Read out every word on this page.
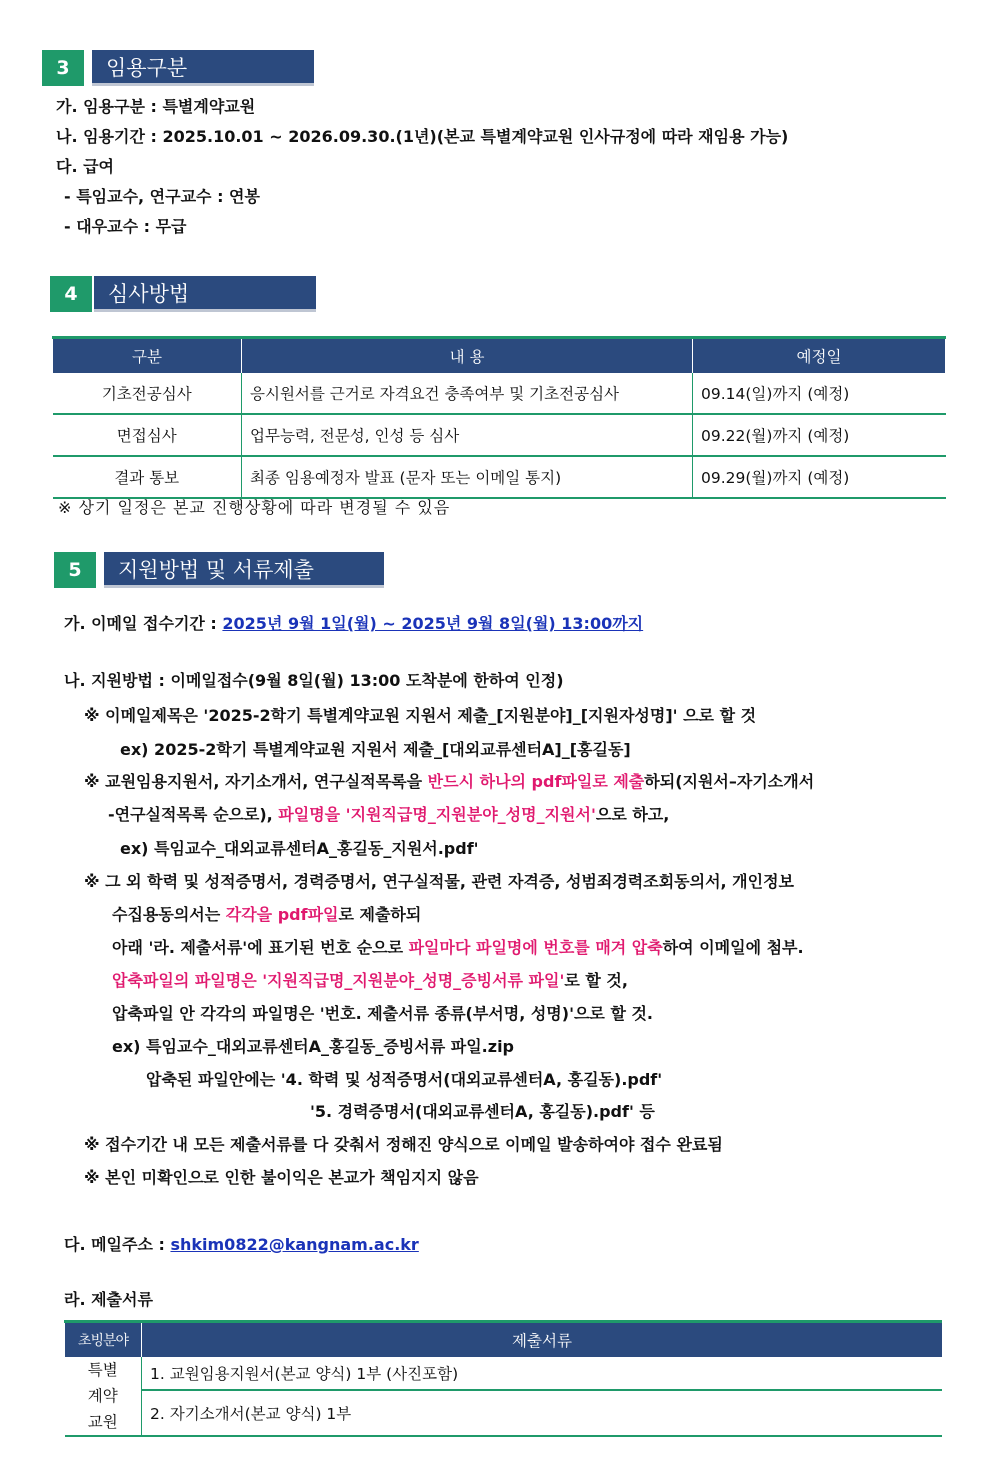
3	임용구분
가. 임용구분 : 특별계약교원
나. 임용기간 : 2025.10.01 ~ 2026.09.30.(1년)(본교 특별계약교원 인사규정에 따라 재임용 가능)
다. 급여
- 특임교수, 연구교수 : 연봉
- 대우교수 : 무급
4	심사방법
구분	내 용	예정일
기초전공심사	응시원서를 근거로 자격요건 충족여부 및 기초전공심사	09.14(일)까지 (예정)
면접심사	업무능력, 전문성, 인성 등 심사	09.22(월)까지 (예정)
결과 통보	최종 임용예정자 발표 (문자 또는 이메일 통지)	09.29(월)까지 (예정)
※ 상기 일정은 본교 진행상황에 따라 변경될 수 있음
5	지원방법 및 서류제출
가. 이메일 접수기간 : 2025년 9월 1일(월) ~ 2025년 9월 8일(월) 13:00까지
나. 지원방법 : 이메일접수(9월 8일(월) 13:00 도착분에 한하여 인정)
※ 이메일제목은 '2025-2학기 특별계약교원 지원서 제출_[지원분야]_[지원자성명]' 으로 할 것
ex) 2025-2학기 특별계약교원 지원서 제출_[대외교류센터A]_[홍길동]
※ 교원임용지원서, 자기소개서, 연구실적목록을 반드시 하나의 pdf파일로 제출하되(지원서–자기소개서
-연구실적목록 순으로), 파일명을 '지원직급명_지원분야_성명_지원서'으로 하고,
ex) 특임교수_대외교류센터A_홍길동_지원서.pdf'
※ 그 외 학력 및 성적증명서, 경력증명서, 연구실적물, 관련 자격증, 성범죄경력조회동의서, 개인정보
수집용동의서는 각각을 pdf파일로 제출하되
아래 '라. 제출서류'에 표기된 번호 순으로 파일마다 파일명에 번호를 매겨 압축하여 이메일에 첨부.
압축파일의 파일명은 '지원직급명_지원분야_성명_증빙서류 파일'로 할 것,
압축파일 안 각각의 파일명은 '번호. 제출서류 종류(부서명, 성명)'으로 할 것.
ex) 특임교수_대외교류센터A_홍길동_증빙서류 파일.zip
압축된 파일안에는 '4. 학력 및 성적증명서(대외교류센터A, 홍길동).pdf'
'5. 경력증명서(대외교류센터A, 홍길동).pdf' 등
※ 접수기간 내 모든 제출서류를 다 갖춰서 정해진 양식으로 이메일 발송하여야 접수 완료됨
※ 본인 미확인으로 인한 불이익은 본교가 책임지지 않음
다. 메일주소 : shkim0822@kangnam.ac.kr
라. 제출서류
초빙분야	제출서류

특별
계약
교원	1. 교원임용지원서(본교 양식) 1부 (사진포함)
	2. 자기소개서(본교 양식) 1부
